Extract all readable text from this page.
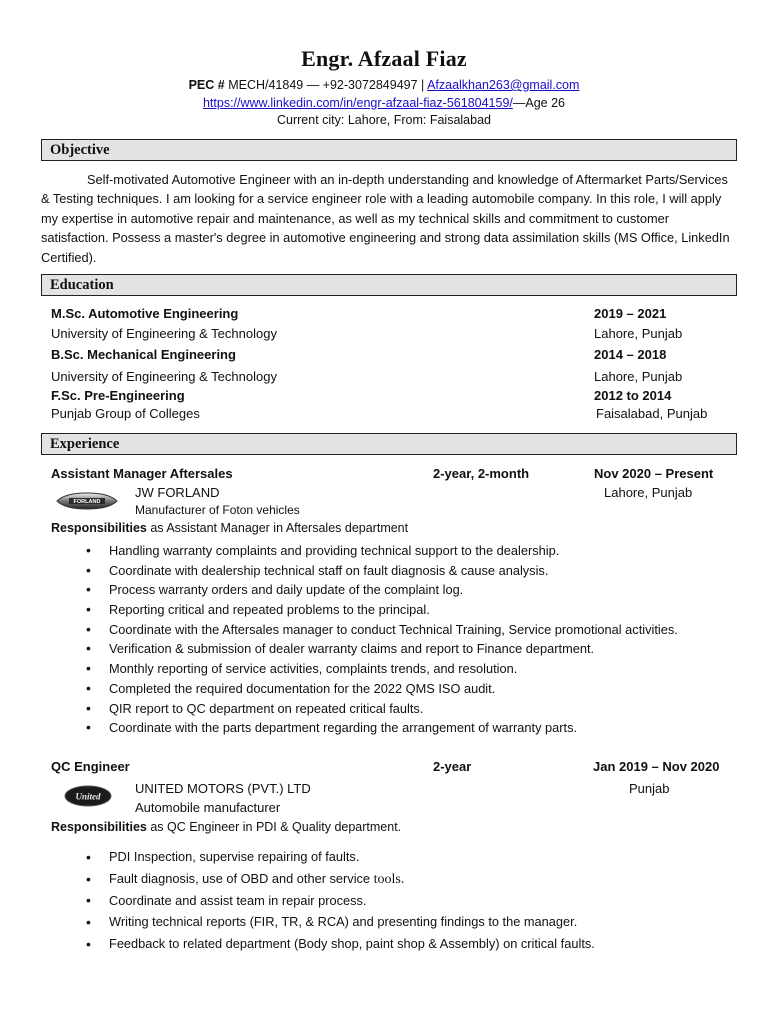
Engr. Afzaal Fiaz
PEC # MECH/41849 — +92-3072849497 | Afzaalkhan263@gmail.com
https://www.linkedin.com/in/engr-afzaal-fiaz-561804159/—Age 26
Current city: Lahore, From: Faisalabad
Objective
Self-motivated Automotive Engineer with an in-depth understanding and knowledge of Aftermarket Parts/Services & Testing techniques. I am looking for a service engineer role with a leading automobile company. In this role, I will apply my expertise in automotive repair and maintenance, as well as my technical skills and commitment to customer satisfaction. Possess a master's degree in automotive engineering and strong data assimilation skills (MS Office, LinkedIn Certified).
Education
M.Sc. Automotive Engineering	2019 – 2021
University of Engineering & Technology	Lahore, Punjab
B.Sc. Mechanical Engineering	2014 – 2018
University of Engineering & Technology	Lahore, Punjab
F.Sc. Pre-Engineering	2012 to 2014
Punjab Group of Colleges	Faisalabad, Punjab
Experience
Assistant Manager Aftersales	2-year, 2-month	Nov 2020 – Present
FORLAND
JW FORLAND	Lahore, Punjab
Manufacturer of Foton vehicles
Responsibilities as Assistant Manager in Aftersales department
• Handling warranty complaints and providing technical support to the dealership.
• Coordinate with dealership technical staff on fault diagnosis & cause analysis.
• Process warranty orders and daily update of the complaint log.
• Reporting critical and repeated problems to the principal.
• Coordinate with the Aftersales manager to conduct Technical Training, Service promotional activities.
• Verification & submission of dealer warranty claims and report to Finance department.
• Monthly reporting of service activities, complaints trends, and resolution.
• Completed the required documentation for the 2022 QMS ISO audit.
• QIR report to QC department on repeated critical faults.
• Coordinate with the parts department regarding the arrangement of warranty parts.
QC Engineer	2-year	Jan 2019 – Nov 2020
United
UNITED MOTORS (PVT.) LTD	Punjab
Automobile manufacturer
Responsibilities as QC Engineer in PDI & Quality department.
• PDI Inspection, supervise repairing of faults.
• Fault diagnosis, use of OBD and other service tools.
• Coordinate and assist team in repair process.
• Writing technical reports (FIR, TR, & RCA) and presenting findings to the manager.
• Feedback to related department (Body shop, paint shop & Assembly) on critical faults.
